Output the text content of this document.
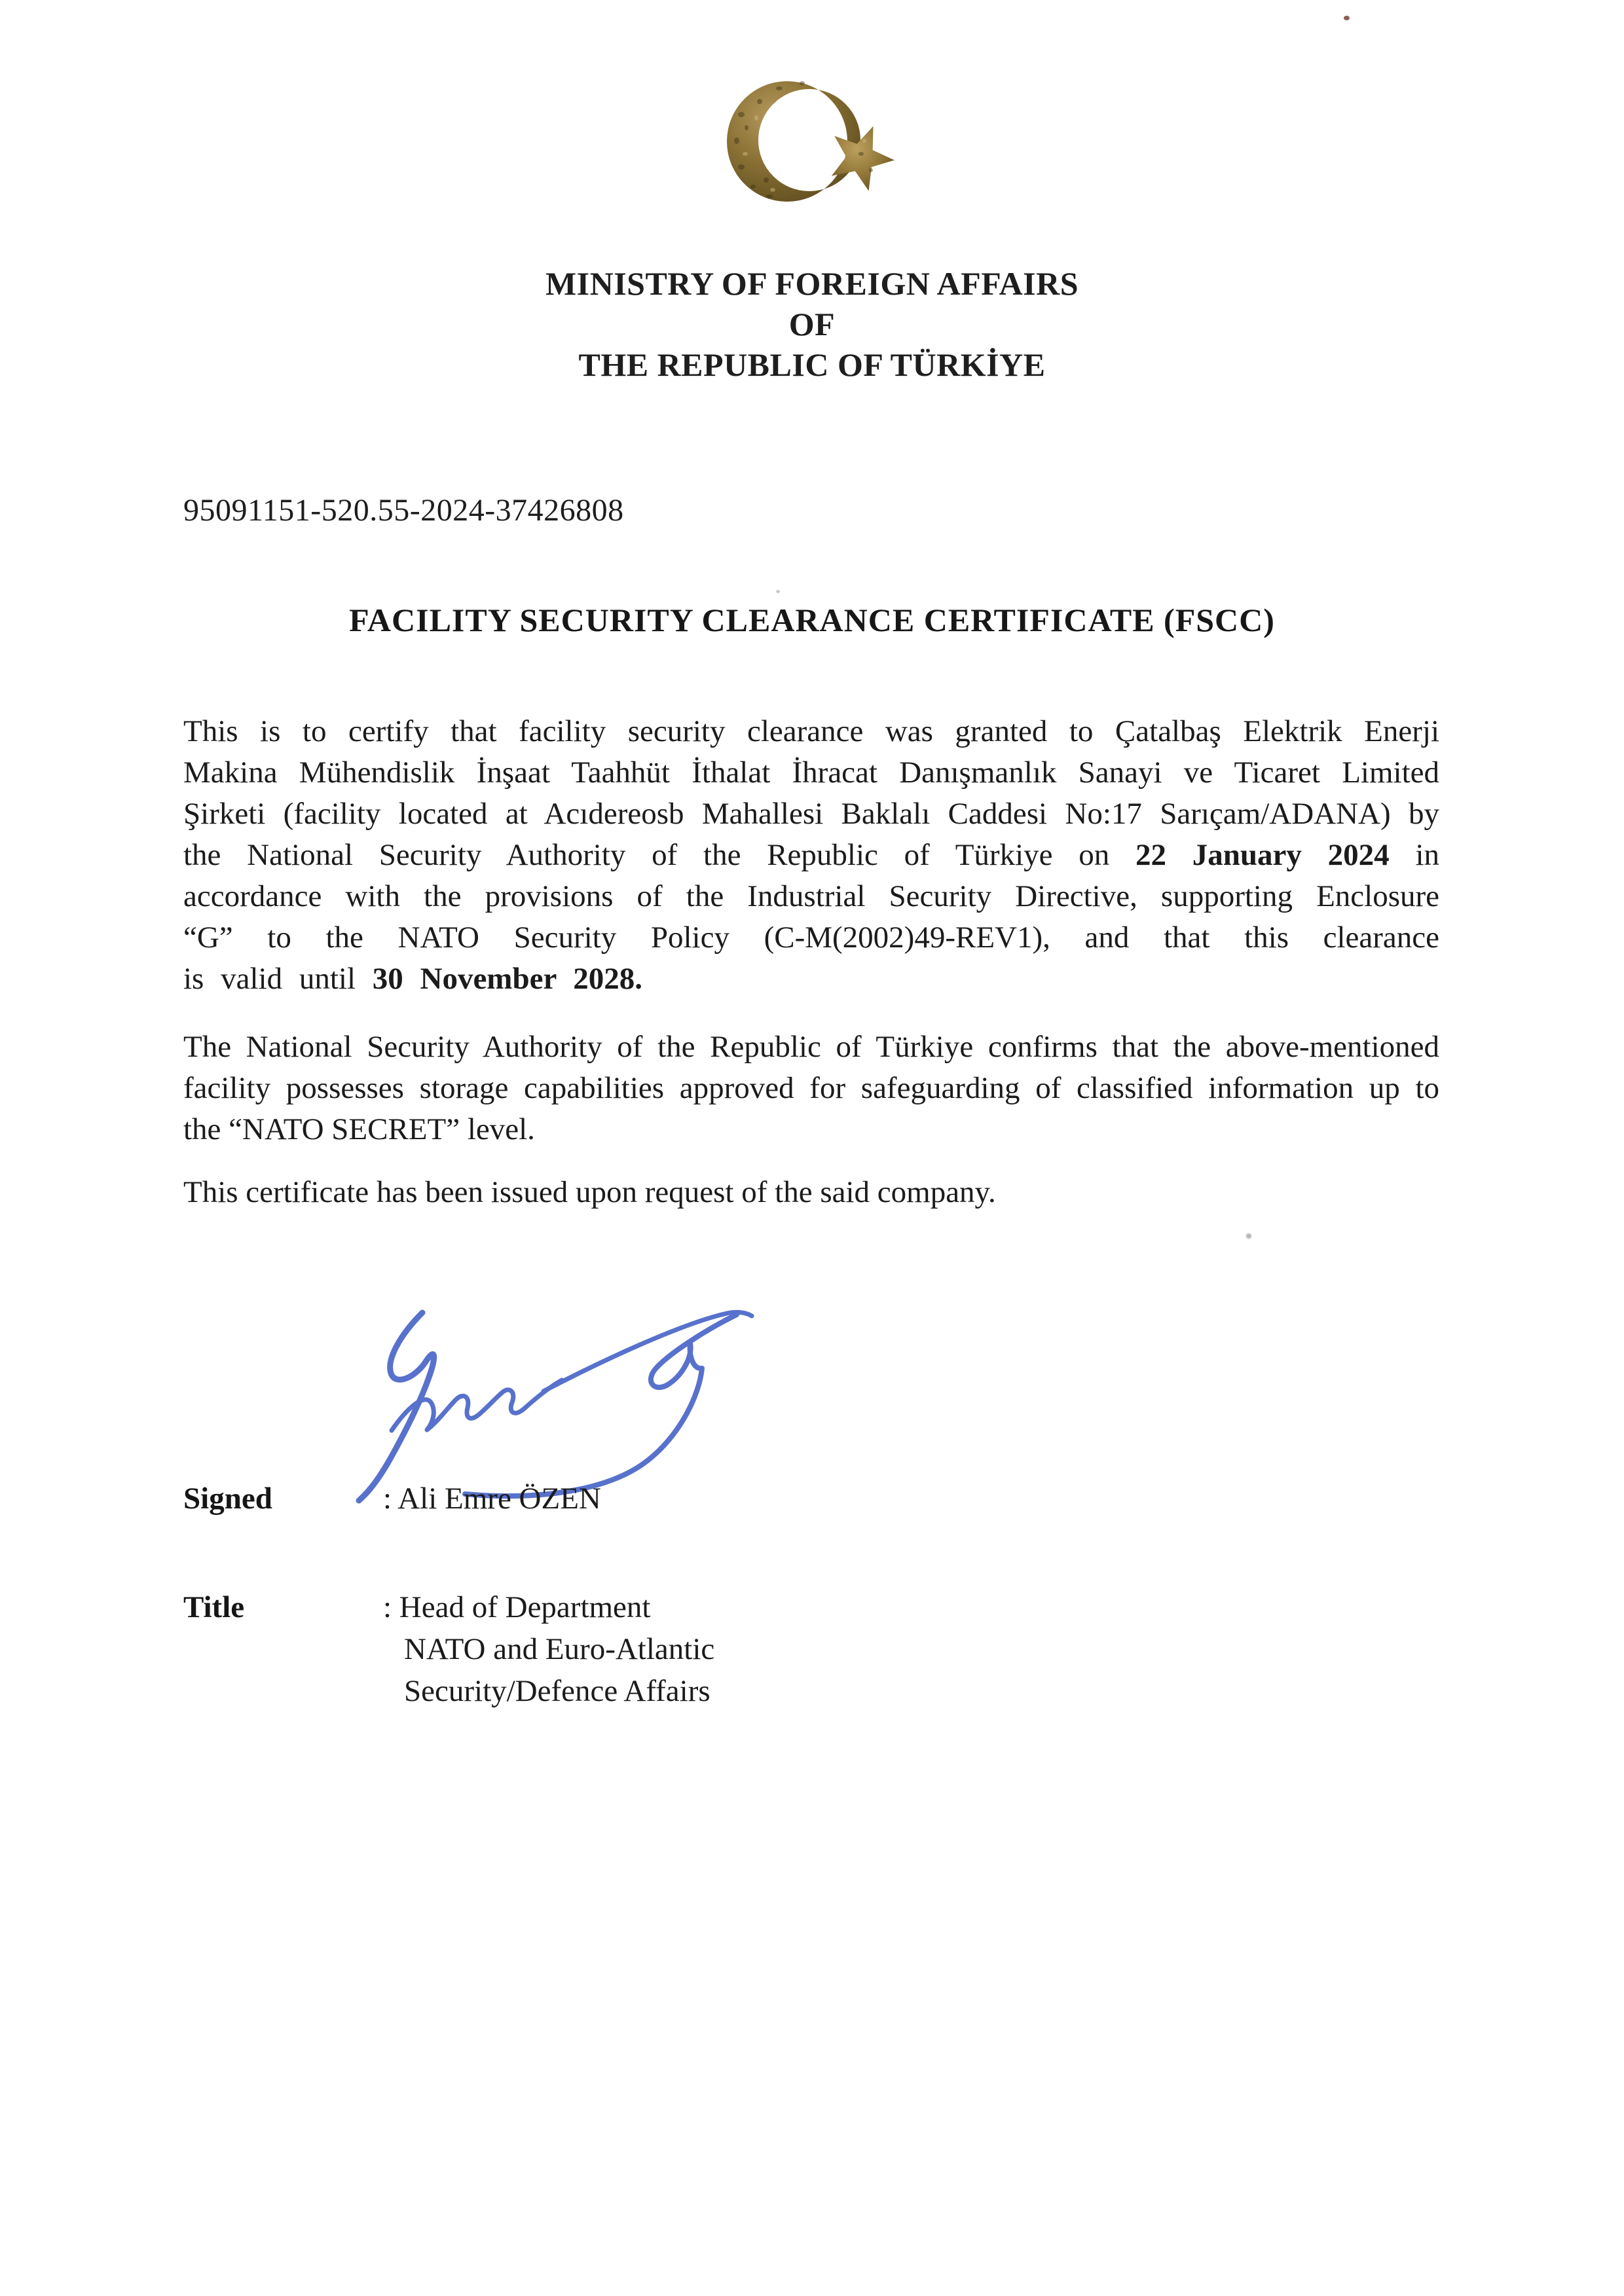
MINISTRY OF FOREIGN AFFAIRS
OF
THE REPUBLIC OF TÜRKİYE
95091151-520.55-2024-37426808
FACILITY SECURITY CLEARANCE CERTIFICATE (FSCC)
This is to certify that facility security clearance was granted to Çatalbaş Elektrik Enerji
Makina Mühendislik İnşaat Taahhüt İthalat İhracat Danışmanlık Sanayi ve Ticaret Limited
Şirketi (facility located at Acıdereosb Mahallesi Baklalı Caddesi No:17 Sarıçam/ADANA) by
the National Security Authority of the Republic of Türkiye on 22 January 2024 in
accordance with the provisions of the Industrial Security Directive, supporting Enclosure
“G” to the NATO Security Policy (C-M(2002)49-REV1), and that this clearance
is valid until 30 November 2028.
The National Security Authority of the Republic of Türkiye confirms that the above-mentioned
facility possesses storage capabilities approved for safeguarding of classified information up to
the “NATO SECRET” level.
This certificate has been issued upon request of the said company.
Signed	: Ali Emre ÖZEN
Title	: Head of Department
NATO and Euro-Atlantic
Security/Defence Affairs
